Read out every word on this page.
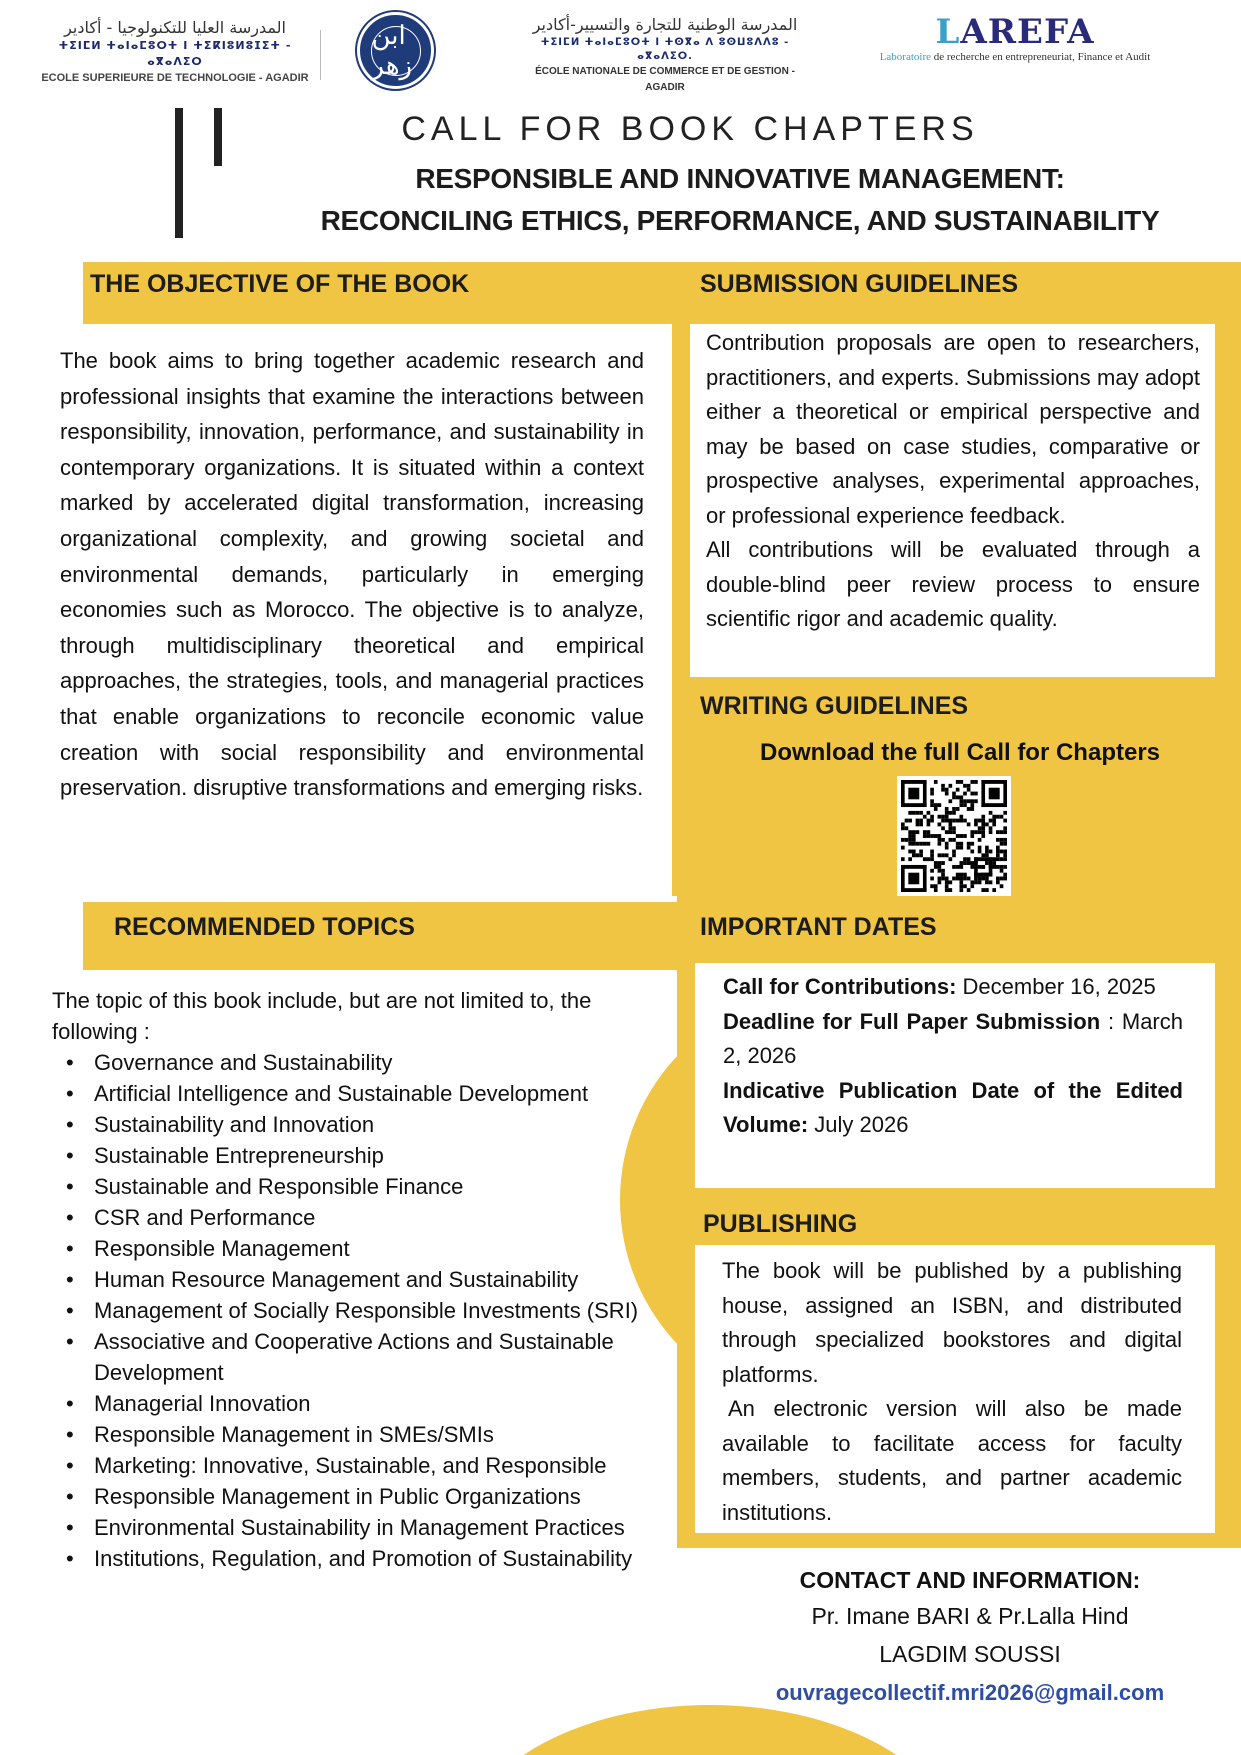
المدرسة العليا للتكنولوجيا - أكادير
ⵜⵉⵏⵎⵍ ⵜⴰⵏⴰⵎⵓⵔⵜ ⵏ ⵜⵉⴽⵏⵓⵍⵓⵊⵉⵜ - ⴰⴳⴰⴷⵉⵔ
ECOLE SUPERIEURE DE TECHNOLOGIE - AGADIR
ابن زهر
المدرسة الوطنية للتجارة والتسيير-أكادير
ⵜⵉⵏⵎⵍ ⵜⴰⵏⴰⵎⵓⵔⵜ ⵏ ⵜⵙⴳⴰ ⴷ ⵓⵙⵡⵓⴷⴷⵓ - ⴰⴳⴰⴷⵉⵔ.
ÉCOLE NATIONALE DE COMMERCE ET DE GESTION - AGADIR
LAREFA
Laboratoire de recherche en entrepreneuriat, Finance et Audit
CALL FOR BOOK CHAPTERS
RESPONSIBLE AND INNOVATIVE MANAGEMENT:
RECONCILING ETHICS, PERFORMANCE, AND SUSTAINABILITY
THE OBJECTIVE OF THE BOOK
The book aims to bring together academic research and professional insights that examine the interactions between responsibility, innovation, performance, and sustainability in contemporary organizations. It is situated within a context marked by accelerated digital transformation, increasing organizational complexity, and growing societal and environmental demands, particularly in emerging economies such as Morocco. The objective is to analyze, through multidisciplinary theoretical and empirical approaches, the strategies, tools, and managerial practices that enable organizations to reconcile economic value creation with social responsibility and environmental preservation. disruptive transformations and emerging risks.
RECOMMENDED TOPICS
The topic of this book include, but are not limited to, the following :
• Governance and Sustainability
• Artificial Intelligence and Sustainable Development
• Sustainability and Innovation
• Sustainable Entrepreneurship
• Sustainable and Responsible Finance
• CSR and Performance
• Responsible Management
• Human Resource Management and Sustainability
• Management of Socially Responsible Investments (SRI)
• Associative and Cooperative Actions and Sustainable Development
• Managerial Innovation
• Responsible Management in SMEs/SMIs
• Marketing: Innovative, Sustainable, and Responsible
• Responsible Management in Public Organizations
• Environmental Sustainability in Management Practices
• Institutions, Regulation, and Promotion of Sustainability
SUBMISSION GUIDELINES

Contribution proposals are open to researchers, practitioners, and experts. Submissions may adopt either a theoretical or empirical perspective and may be based on case studies, comparative or prospective analyses, experimental approaches, or professional experience feedback.

All contributions will be evaluated through a double-blind peer review process to ensure scientific rigor and academic quality.

WRITING GUIDELINES
Download the full Call for Chapters
IMPORTANT DATES
Call for Contributions: December 16, 2025
Deadline for Full Paper Submission : March 2, 2026
Indicative Publication Date of the Edited Volume: July 2026
PUBLISHING

The book will be published by a publishing house, assigned an ISBN, and distributed through specialized bookstores and digital platforms.

An electronic version will also be made available to facilitate access for faculty members, students, and partner academic institutions.

CONTACT AND INFORMATION:
Pr. Imane BARI & Pr.Lalla Hind
LAGDIM SOUSSI
ouvragecollectif.mri2026@gmail.com
